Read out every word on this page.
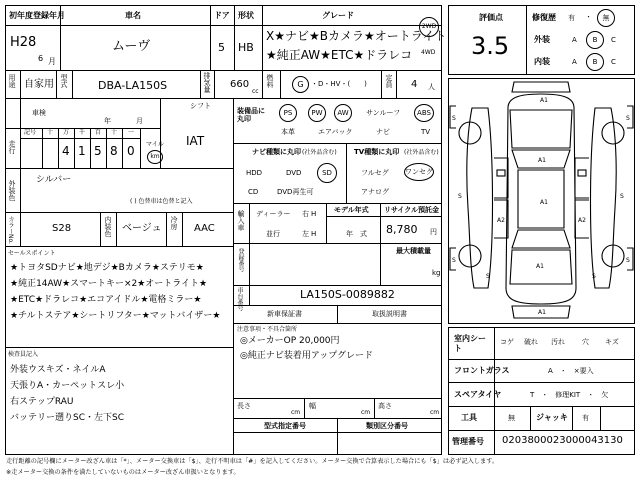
初年度登録年月
H28
6 月
車名
ムーヴ
ドア
5
形状
HB
グレード
X★ナビ★Bカメラ★オートライト
★純正AW★ETC★ドラレコ
2WD
4WD
用途 自家用 型式	DBA-LA150S	排気量 660
cc
燃料	G	・D・HV・(　　)	定員 4 人
車検
年	月
シフト
走行
記号 十 万 千 百 十 一
4 1 5 8 0 マイル
km
IAT
外装色 シルバー
( ) 色替車は色替と記入
カラーNo.	S28	内装色 ベージュ 冷房 AAC
セールスポイント
★トヨタSDナビ★地デジ★Bカメラ★ステリモ★
★純正14AW★スマートキー×2★オートライト★
★ETC★ドラレコ★エコアイドル★電格ミラー★
★チルトステア★シートリフター★マットバイザー★
検査員記入
外装ウスキズ・ネイルA
天張りA・カーペットスレ小
右ステップRAU
バッテリー遡りSC・左下SC
装備品に丸印
PS	PW	AW	サンルーフ	ABS
本革	エアバック	ナビ	TV
ナビ種類に丸印 (社外品含む) TV種類に丸印 (社外品含む)
HDD	DVD	SD
CD	DVD再生可
フルセグ ワンセグ
アナログ
輸入車 ディーラー
並行
右 H
左 H
モデル年式
年　式
リサイクル預託金
8,780 円
登録番号	最大積載量
kg
車台番号	LA150S-0089882
新車保証書	取扱説明書
注意事項・不具合箇所
◎メーカーOP 20,000円
◎純正ナビ装着用アップグレード
長さ
cm
幅
cm
高さ
cm
型式指定番号	類別区分番号
評価点
3.5
修復歴 有 ・	無
外装	A	B	C
内装	A	B	C
A1
A1
A1
A1
A1
A2	A2
S	S
S	S
S	S
S	S
室内シート
コゲ 破れ 汚れ 穴 キズ
フロントガラス	A　・　×要入
スペアタイヤ	T　・　修理KIT　・　欠
工具	無	ジャッキ 有
管理番号 0203800023000043130
走行距離の記号欄にメーター改ざん車は「*」、メーター交換車は「$」、走行不明車は「#」を記入してください。メーター交換で合算表示した場合にも「$」は必ず記入します。
※走メーター交換の条件を満たしていないものはメーター改ざん車扱いとなります。
